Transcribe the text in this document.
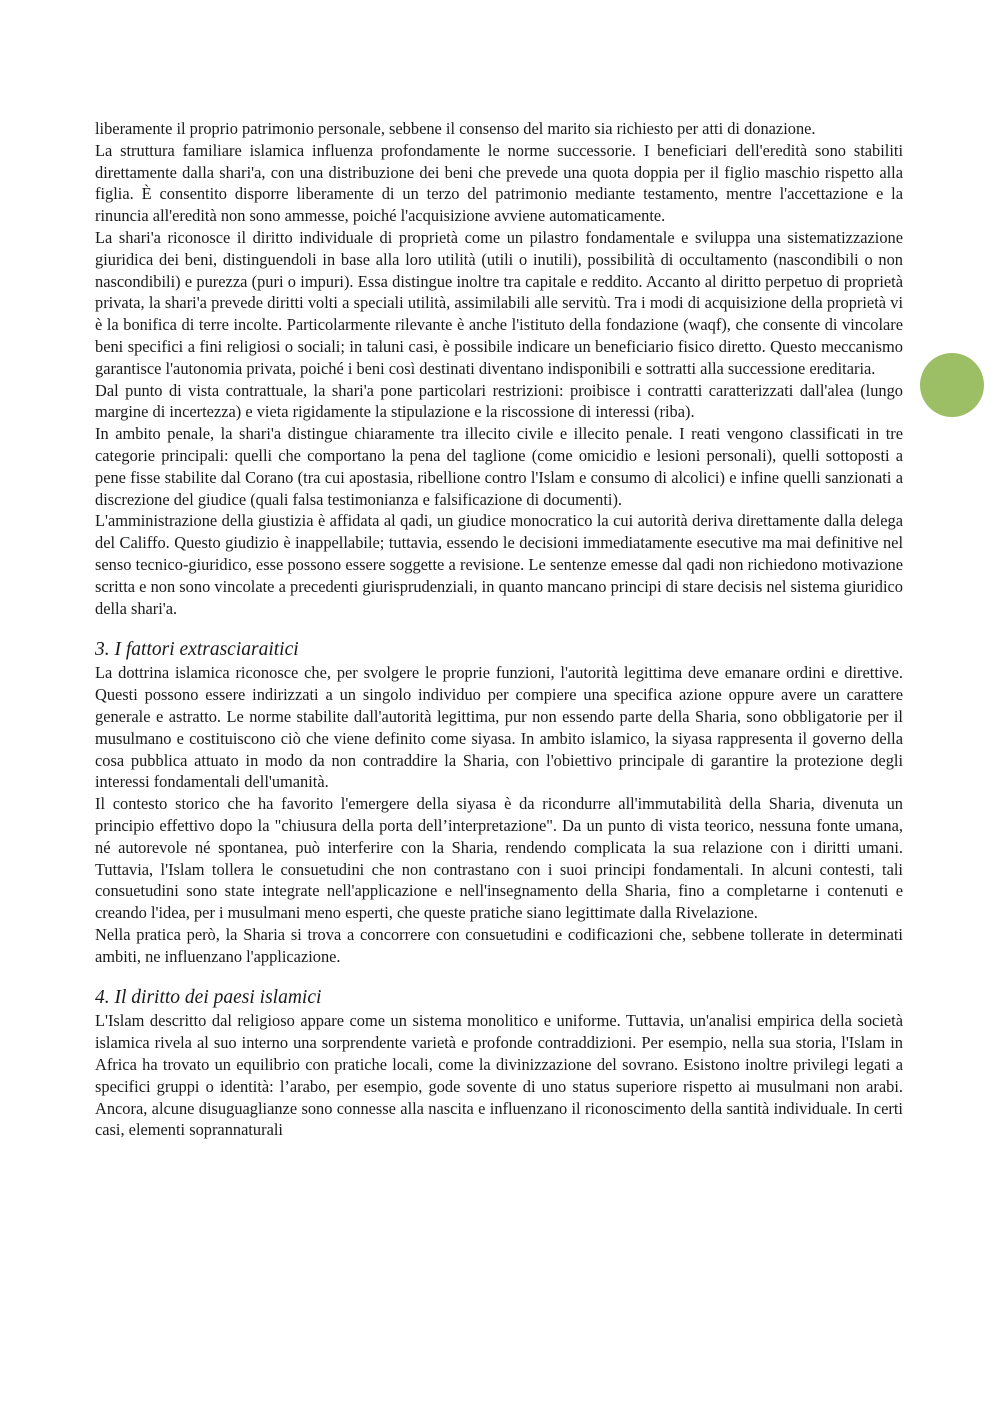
liberamente il proprio patrimonio personale, sebbene il consenso del marito sia richiesto per atti di donazione.

La struttura familiare islamica influenza profondamente le norme successorie. I beneficiari dell'eredità sono stabiliti direttamente dalla shari'a, con una distribuzione dei beni che prevede una quota doppia per il figlio maschio rispetto alla figlia. È consentito disporre liberamente di un terzo del patrimonio mediante testamento, mentre l'accettazione e la rinuncia all'eredità non sono ammesse, poiché l'acquisizione avviene automaticamente.

La shari'a riconosce il diritto individuale di proprietà come un pilastro fondamentale e sviluppa una sistematizzazione giuridica dei beni, distinguendoli in base alla loro utilità (utili o inutili), possibilità di occultamento (nascondibili o non nascondibili) e purezza (puri o impuri). Essa distingue inoltre tra capitale e reddito. Accanto al diritto perpetuo di proprietà privata, la shari'a prevede diritti volti a speciali utilità, assimilabili alle servitù. Tra i modi di acquisizione della proprietà vi è la bonifica di terre incolte. Particolarmente rilevante è anche l'istituto della fondazione (waqf), che consente di vincolare beni specifici a fini religiosi o sociali; in taluni casi, è possibile indicare un beneficiario fisico diretto. Questo meccanismo garantisce l'autonomia privata, poiché i beni così destinati diventano indisponibili e sottratti alla successione ereditaria.

Dal punto di vista contrattuale, la shari'a pone particolari restrizioni: proibisce i contratti caratterizzati dall'alea (lungo margine di incertezza) e vieta rigidamente la stipulazione e la riscossione di interessi (riba).

In ambito penale, la shari'a distingue chiaramente tra illecito civile e illecito penale. I reati vengono classificati in tre categorie principali: quelli che comportano la pena del taglione (come omicidio e lesioni personali), quelli sottoposti a pene fisse stabilite dal Corano (tra cui apostasia, ribellione contro l'Islam e consumo di alcolici) e infine quelli sanzionati a discrezione del giudice (quali falsa testimonianza e falsificazione di documenti).

L'amministrazione della giustizia è affidata al qadi, un giudice monocratico la cui autorità deriva direttamente dalla delega del Califfo. Questo giudizio è inappellabile; tuttavia, essendo le decisioni immediatamente esecutive ma mai definitive nel senso tecnico-giuridico, esse possono essere soggette a revisione. Le sentenze emesse dal qadi non richiedono motivazione scritta e non sono vincolate a precedenti giurisprudenziali, in quanto mancano principi di stare decisis nel sistema giuridico della shari'a.

3. I fattori extrasciaraitici

La dottrina islamica riconosce che, per svolgere le proprie funzioni, l'autorità legittima deve emanare ordini e direttive. Questi possono essere indirizzati a un singolo individuo per compiere una specifica azione oppure avere un carattere generale e astratto. Le norme stabilite dall'autorità legittima, pur non essendo parte della Sharia, sono obbligatorie per il musulmano e costituiscono ciò che viene definito come siyasa. In ambito islamico, la siyasa rappresenta il governo della cosa pubblica attuato in modo da non contraddire la Sharia, con l'obiettivo principale di garantire la protezione degli interessi fondamentali dell'umanità.

Il contesto storico che ha favorito l'emergere della siyasa è da ricondurre all'immutabilità della Sharia, divenuta un principio effettivo dopo la "chiusura della porta dell’interpretazione". Da un punto di vista teorico, nessuna fonte umana, né autorevole né spontanea, può interferire con la Sharia, rendendo complicata la sua relazione con i diritti umani. Tuttavia, l'Islam tollera le consuetudini che non contrastano con i suoi principi fondamentali. In alcuni contesti, tali consuetudini sono state integrate nell'applicazione e nell'insegnamento della Sharia, fino a completarne i contenuti e creando l'idea, per i musulmani meno esperti, che queste pratiche siano legittimate dalla Rivelazione.

Nella pratica però, la Sharia si trova a concorrere con consuetudini e codificazioni che, sebbene tollerate in determinati ambiti, ne influenzano l'applicazione.

4. Il diritto dei paesi islamici

L'Islam descritto dal religioso appare come un sistema monolitico e uniforme. Tuttavia, un'analisi empirica della società islamica rivela al suo interno una sorprendente varietà e profonde contraddizioni. Per esempio, nella sua storia, l'Islam in Africa ha trovato un equilibrio con pratiche locali, come la divinizzazione del sovrano. Esistono inoltre privilegi legati a specifici gruppi o identità: l’arabo, per esempio, gode sovente di uno status superiore rispetto ai musulmani non arabi. Ancora, alcune disuguaglianze sono connesse alla nascita e influenzano il riconoscimento della santità individuale. In certi casi, elementi soprannaturali
